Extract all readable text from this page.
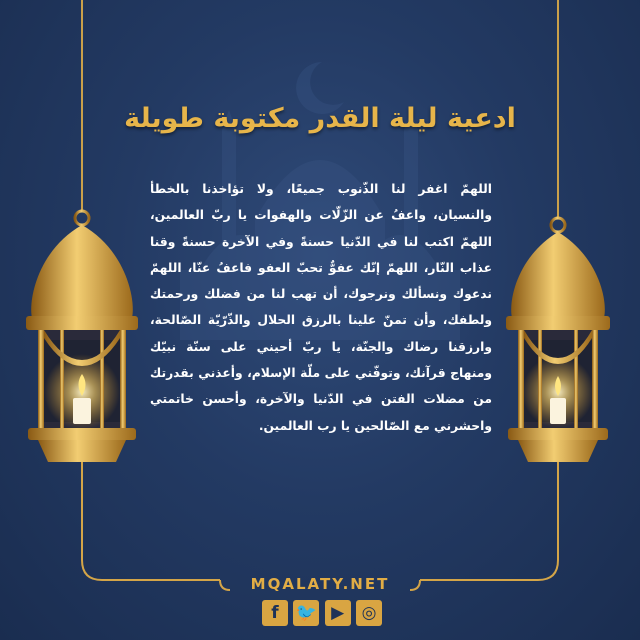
ادعية ليلة القدر مكتوبة طويلة

اللهمّ اغفر لنا الذّنوب جميعًا، ولا تؤاخذنا بالخطأ والنسيان، واعفُ عن الزّلّات والهفوات يا ربّ العالمين، اللهمّ اكتب لنا في الدّنيا حسنةً وفي الآخرة حسنةً وقنا عذاب النّار، اللهمّ إنّك عفوٌّ تحبّ العفو فاعفُ عنّا، اللهمّ ندعوك ونسألك ونرجوك، أن تهب لنا من فضلك ورحمتك ولطفك، وأن تمنّ علينا بالرزق الحلال والذّرّيّة الصّالحة، وارزقنا رضاك والجنّة، يا ربّ أحيني على سنّة نبيّك ومنهاج قرآنك، وتوفّني على ملّة الإسلام، وأعذني بقدرتك من مضلات الفتن في الدّنيا والآخرة، وأحسن خاتمتي واحشرني مع الصّالحين يا رب العالمين.

MQALATY.NET
f	🐦 ▶	◎
